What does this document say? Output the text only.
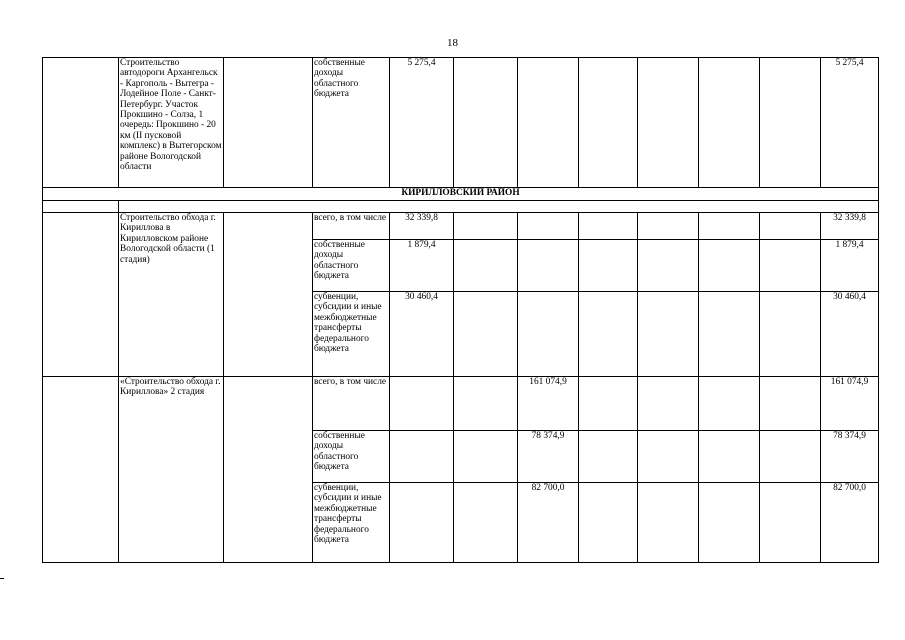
18
	Строительство автодороги Архангельск - Каргополь - Вытегра - Лодейное Поле - Санкт-Петербург. Участок Прокшино - Солза, 1 очередь: Прокшино - 20 км (II пусковой комплекс) в Вытегорском районе Вологодской области		собственные доходы областного бюджета	5 275,4							5 275,4
КИРИЛЛОВСКИЙ РАЙОН											

	Строительство обхода г. Кириллова в Кирилловском районе Вологодской области (1 стадия)		всего, в том числе	32 339,8							32 339,8
			собственные доходы областного бюджета	1 879,4							1 879,4
			субвенции, субсидии и иные межбюджетные трансферты федерального бюджета	30 460,4							30 460,4
	«Строительство обхода г. Кириллова» 2 стадия		всего, в том числе			161 074,9					161 074,9
			собственные доходы областного бюджета			78 374,9					78 374,9
			субвенции, субсидии и иные межбюджетные трансферты федерального бюджета			82 700,0					82 700,0
